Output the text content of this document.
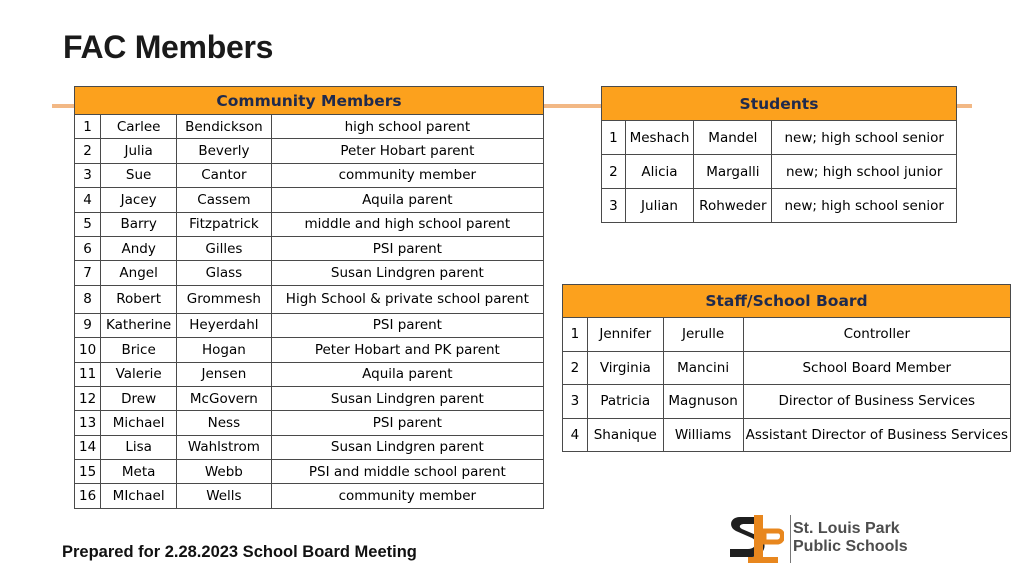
FAC Members
Community Members			
1	Carlee	Bendickson	high school parent
2	Julia	Beverly	Peter Hobart parent
3	Sue	Cantor	community member
4	Jacey	Cassem	Aquila parent
5	Barry	Fitzpatrick	middle and high school parent
6	Andy	Gilles	PSI parent
7	Angel	Glass	Susan Lindgren parent
8	Robert	Grommesh	High School & private school parent
9	Katherine	Heyerdahl	PSI parent
10	Brice	Hogan	Peter Hobart and PK parent
11	Valerie	Jensen	Aquila parent
12	Drew	McGovern	Susan Lindgren parent
13	Michael	Ness	PSI parent
14	Lisa	Wahlstrom	Susan Lindgren parent
15	Meta	Webb	PSI and middle school parent
16	MIchael	Wells	community member
Students			
1	Meshach	Mandel	new; high school senior
2	Alicia	Margalli	new; high school junior
3	Julian	Rohweder	new; high school senior
Staff/School Board			
1	Jennifer	Jerulle	Controller
2	Virginia	Mancini	School Board Member
3	Patricia	Magnuson	Director of Business Services
4	Shanique	Williams	Assistant Director of Business Services
Prepared for 2.28.2023 School Board Meeting
St. Louis Park
Public Schools
